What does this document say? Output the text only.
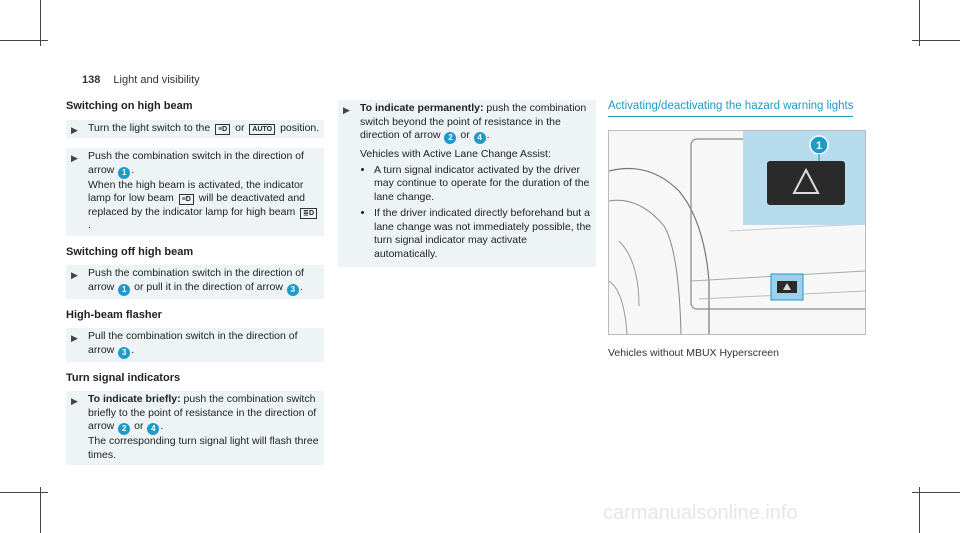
138 Light and visibility
Switching on high beam
▶ Turn the light switch to the ≡D or AUTO position.

▶ Push the combination switch in the direction of arrow 1 .

When the high beam is activated, the indicator lamp for low beam ≡D will be deactivated and replaced by the indicator lamp for high beam ≣D.

Switching off high beam
▶ Push the combination switch in the direction of arrow 1 or pull it in the direction of arrow 3 .

High-beam flasher
▶ Pull the combination switch in the direction of arrow 3 .

Turn signal indicators
▶ To indicate briefly: push the combination switch briefly to the point of resistance in the direction of arrow 2 or 4 .

The corresponding turn signal light will flash three times.

▶ To indicate permanently: push the combination switch beyond the point of resistance in the direction of arrow 2 or 4 .

Vehicles with Active Lane Change Assist:

• A turn signal indicator activated by the driver may continue to operate for the duration of the lane change.
• If the driver indicated directly beforehand but a lane change was not immediately possible, the turn signal indicator may activate automatically.
Activating/deactivating the hazard warning lights
1
Vehicles without MBUX Hyperscreen
carmanualsonline.info
